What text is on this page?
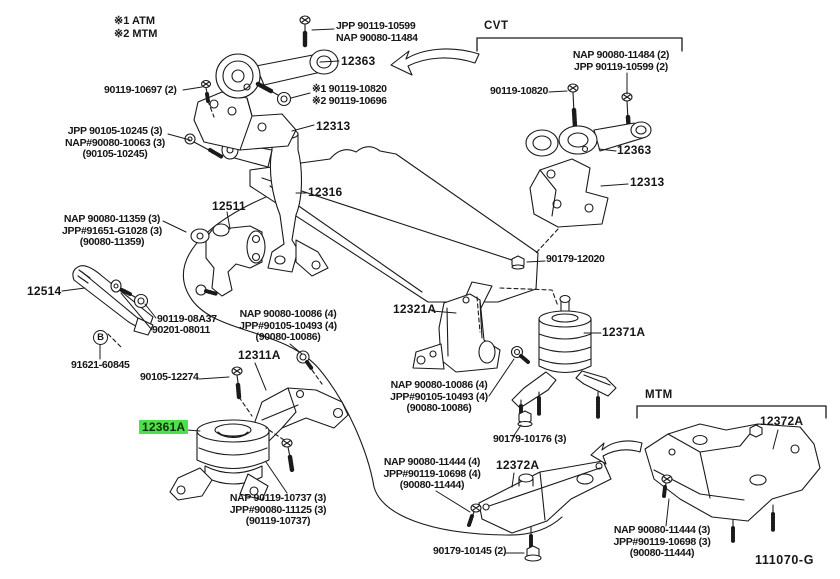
※1 ATM
※2 MTM
CVT
MTM
111070-G
B
JPP 90119-10599
NAP 90080-11484
12363
90119-10697 (2)	※1 90119-10820
※2 90119-10696
12313
JPP 90105-10245 (3)
NAP#90080-10063 (3)
(90105-10245)
12316
12511
NAP 90080-11359 (3)
JPP#91651-G1028 (3)
(90080-11359)
12514
90119-08A37
90201-08011
91621-60845
90105-12274
NAP 90080-10086 (4)
JPP#90105-10493 (4)
(90080-10086)
12311A
12361A
NAP 90119-10737 (3)
JPP#90080-11125 (3)
(90119-10737)
NAP 90080-11484 (2)
JPP 90119-10599 (2)
90119-10820
12363
12313
90179-12020
12321A
12371A
NAP 90080-10086 (4)
JPP#90105-10493 (4)
(90080-10086)
90179-10176 (3)
NAP 90080-11444 (4)
JPP#90119-10698 (4)
(90080-11444)
12372A
90179-10145 (2)
12372A
NAP 90080-11444 (3)
JPP#90119-10698 (3)
(90080-11444)
